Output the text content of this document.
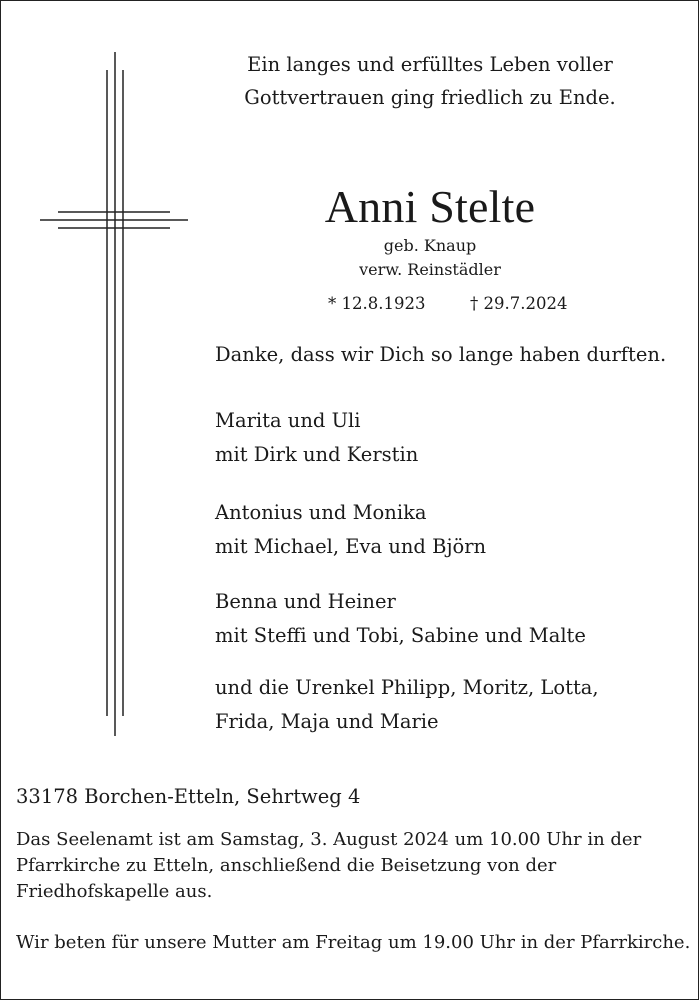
Ein langes und erfülltes Leben voller
Gottvertrauen ging friedlich zu Ende.
Anni Stelte
geb. Knaup
verw. Reinstädler
* 12.8.1923	† 29.7.2024
Danke, dass wir Dich so lange haben durften.
Marita und Uli
mit Dirk und Kerstin
Antonius und Monika
mit Michael, Eva und Björn
Benna und Heiner
mit Steffi und Tobi, Sabine und Malte
und die Urenkel Philipp, Moritz, Lotta,
Frida, Maja und Marie
33178 Borchen-Etteln, Sehrtweg 4
Das Seelenamt ist am Samstag, 3. August 2024 um 10.00 Uhr in der
Pfarrkirche zu Etteln, anschließend die Beisetzung von der
Friedhofskapelle aus.
Wir beten für unsere Mutter am Freitag um 19.00 Uhr in der Pfarrkirche.
